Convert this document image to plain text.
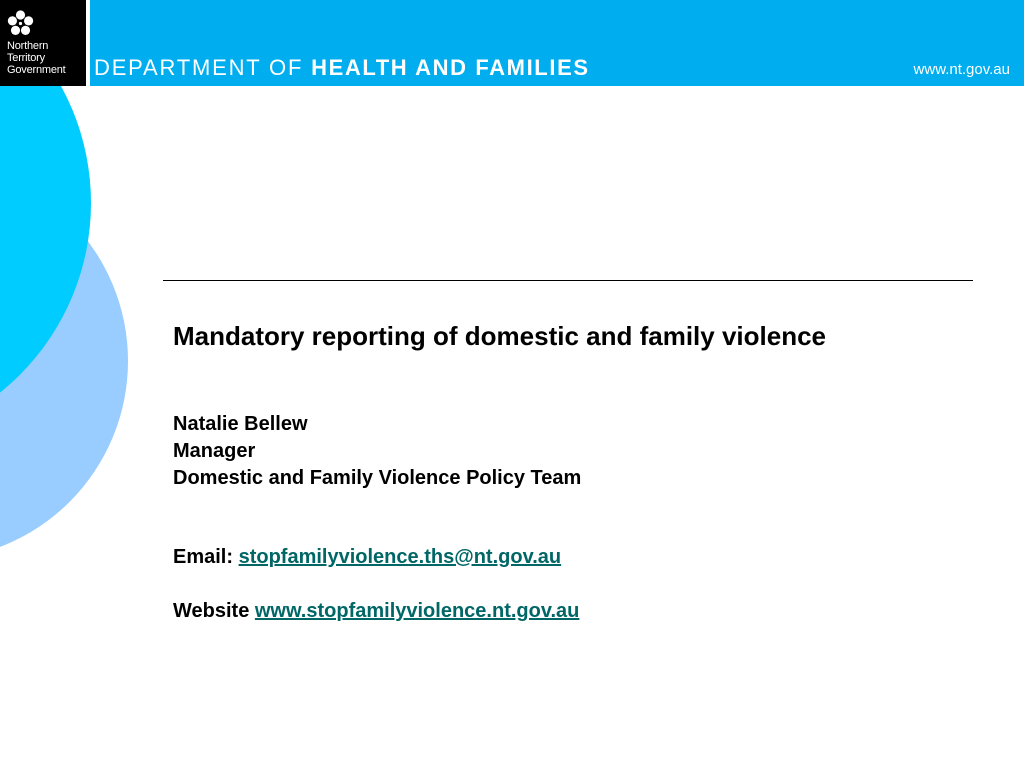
Northern
Territory
Government DEPARTMENT OF HEALTH AND FAMILIES	www.nt.gov.au
Mandatory reporting of domestic and family violence
Natalie Bellew
Manager
Domestic and Family Violence Policy Team
Email: stopfamilyviolence.ths@nt.gov.au
Website www.stopfamilyviolence.nt.gov.au
